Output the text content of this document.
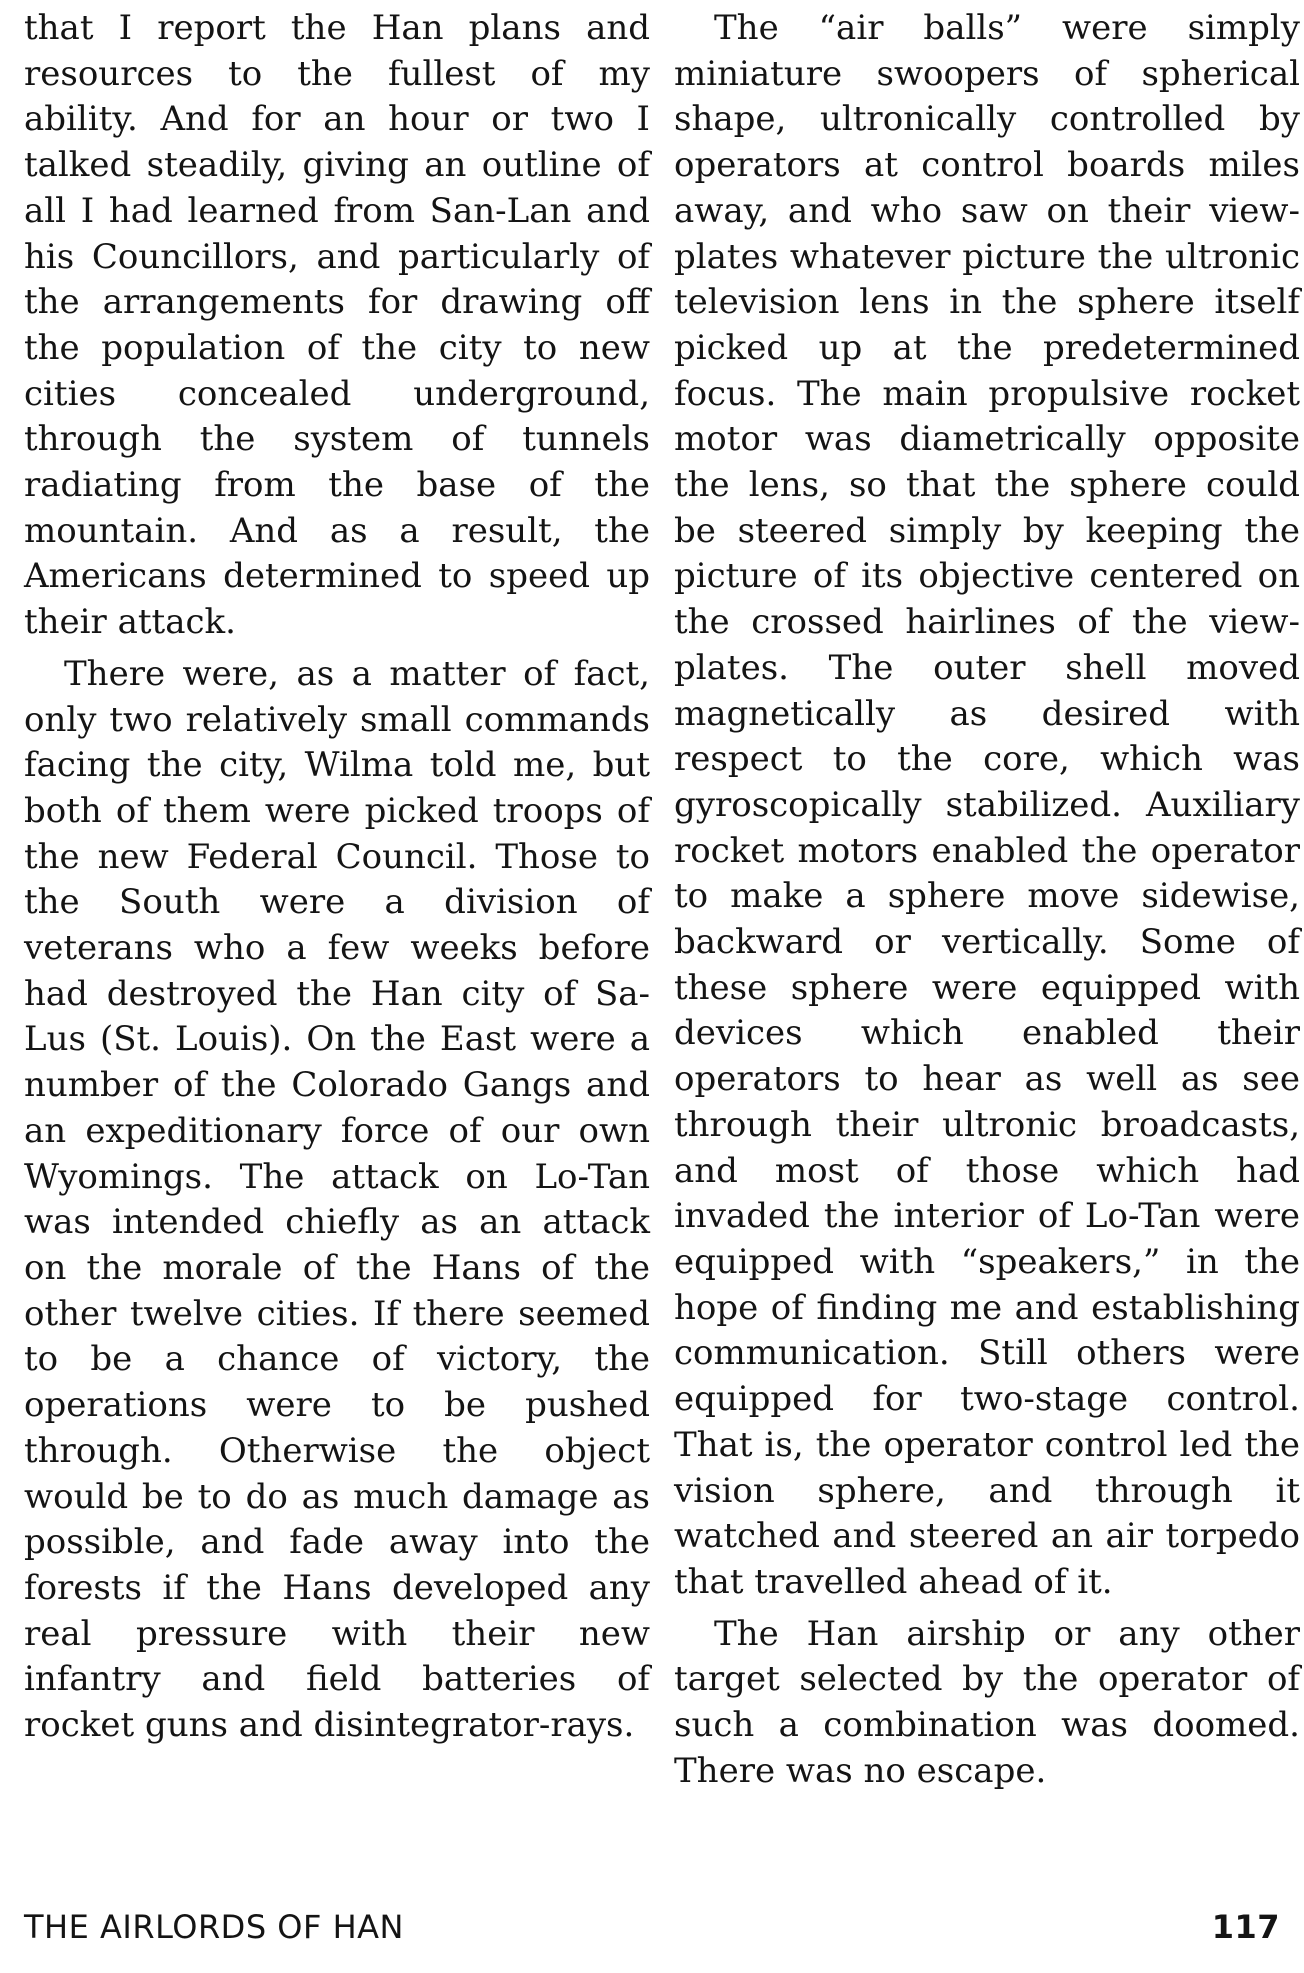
that I report the Han plans and resources to the fullest of my ability. And for an hour or two I talked steadily, giving an outline of all I had learned from San-Lan and his Councillors, and particularly of the arrangements for drawing off the population of the city to new cities concealed underground, through the system of tunnels radiating from the base of the mountain. And as a result, the Americans determined to speed up their attack.

There were, as a matter of fact, only two relatively small commands facing the city, Wilma told me, but both of them were picked troops of the new Federal Council. Those to the South were a division of veterans who a few weeks before had destroyed the Han city of Sa-Lus (St. Louis). On the East were a number of the Colorado Gangs and an expeditionary force of our own Wyomings. The attack on Lo-Tan was intended chiefly as an attack on the morale of the Hans of the other twelve cities. If there seemed to be a chance of victory, the operations were to be pushed through. Otherwise the object would be to do as much damage as possible, and fade away into the forests if the Hans developed any real pressure with their new infantry and field batteries of rocket guns and disintegrator-rays.

The “air balls” were simply miniature swoopers of spherical shape, ultronically controlled by operators at control boards miles away, and who saw on their view-plates whatever picture the ultronic television lens in the sphere itself picked up at the predetermined focus. The main propulsive rocket motor was diametrically opposite the lens, so that the sphere could be steered simply by keeping the picture of its objective centered on the crossed hairlines of the view-plates. The outer shell moved magnetically as desired with respect to the core, which was gyroscopically stabilized. Auxiliary rocket motors enabled the operator to make a sphere move sidewise, backward or vertically. Some of these sphere were equipped with devices which enabled their operators to hear as well as see through their ultronic broadcasts, and most of those which had invaded the interior of Lo-Tan were equipped with “speakers,” in the hope of finding me and establishing communication. Still others were equipped for two-stage control. That is, the operator control led the vision sphere, and through it watched and steered an air torpedo that travelled ahead of it.

The Han airship or any other target selected by the operator of such a combination was doomed. There was no escape.

THE AIRLORDS OF HAN	117
